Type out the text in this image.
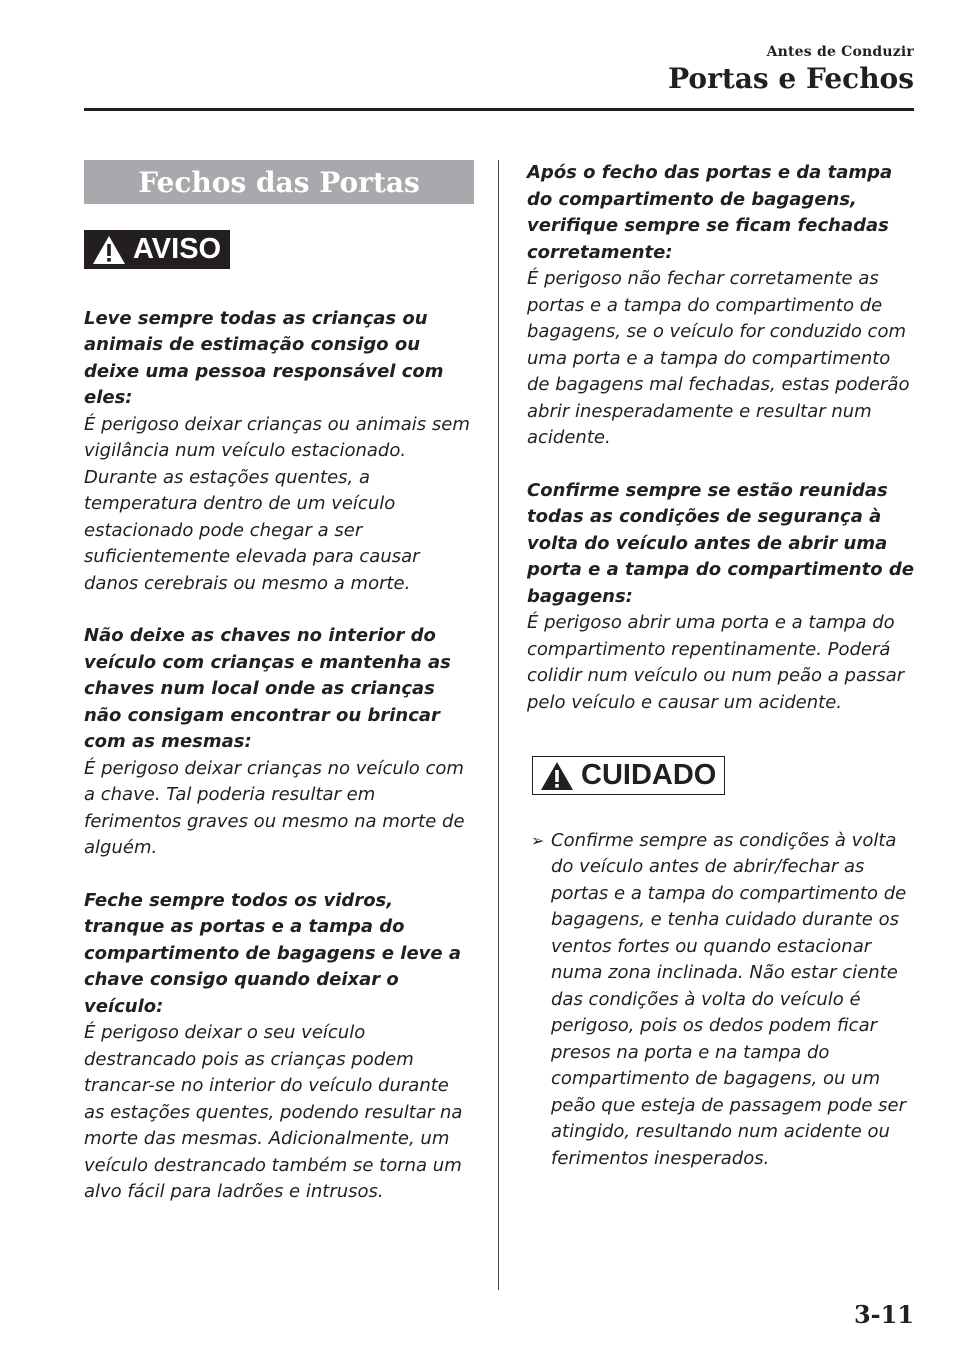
Antes de Conduzir
Portas e Fechos
Fechos das Portas
AVISO

Leve sempre todas as crianças ou animais de estimação consigo ou deixe uma pessoa responsável com eles:

É perigoso deixar crianças ou animais sem vigilância num veículo estacionado. Durante as estações quentes, a temperatura dentro de um veículo estacionado pode chegar a ser suficientemente elevada para causar danos cerebrais ou mesmo a morte.

Não deixe as chaves no interior do veículo com crianças e mantenha as chaves num local onde as crianças não consigam encontrar ou brincar com as mesmas:

É perigoso deixar crianças no veículo com a chave. Tal poderia resultar em ferimentos graves ou mesmo na morte de alguém.

Feche sempre todos os vidros, tranque as portas e a tampa do compartimento de bagagens e leve a chave consigo quando deixar o veículo:

É perigoso deixar o seu veículo destrancado pois as crianças podem trancar-se no interior do veículo durante as estações quentes, podendo resultar na morte das mesmas. Adicionalmente, um veículo destrancado também se torna um alvo fácil para ladrões e intrusos.

Após o fecho das portas e da tampa do compartimento de bagagens, verifique sempre se ficam fechadas corretamente:

É perigoso não fechar corretamente as portas e a tampa do compartimento de bagagens, se o veículo for conduzido com uma porta e a tampa do compartimento de bagagens mal fechadas, estas poderão abrir inesperadamente e resultar num acidente.

Confirme sempre se estão reunidas todas as condições de segurança à volta do veículo antes de abrir uma porta e a tampa do compartimento de bagagens:

É perigoso abrir uma porta e a tampa do compartimento repentinamente. Poderá colidir num veículo ou num peão a passar pelo veículo e causar um acidente.

CUIDADO
➢ Confirme sempre as condições à volta do veículo antes de abrir/fechar as portas e a tampa do compartimento de bagagens, e tenha cuidado durante os ventos fortes ou quando estacionar numa zona inclinada. Não estar ciente das condições à volta do veículo é perigoso, pois os dedos podem ficar presos na porta e na tampa do compartimento de bagagens, ou um peão que esteja de passagem pode ser atingido, resultando num acidente ou ferimentos inesperados.
3-11
